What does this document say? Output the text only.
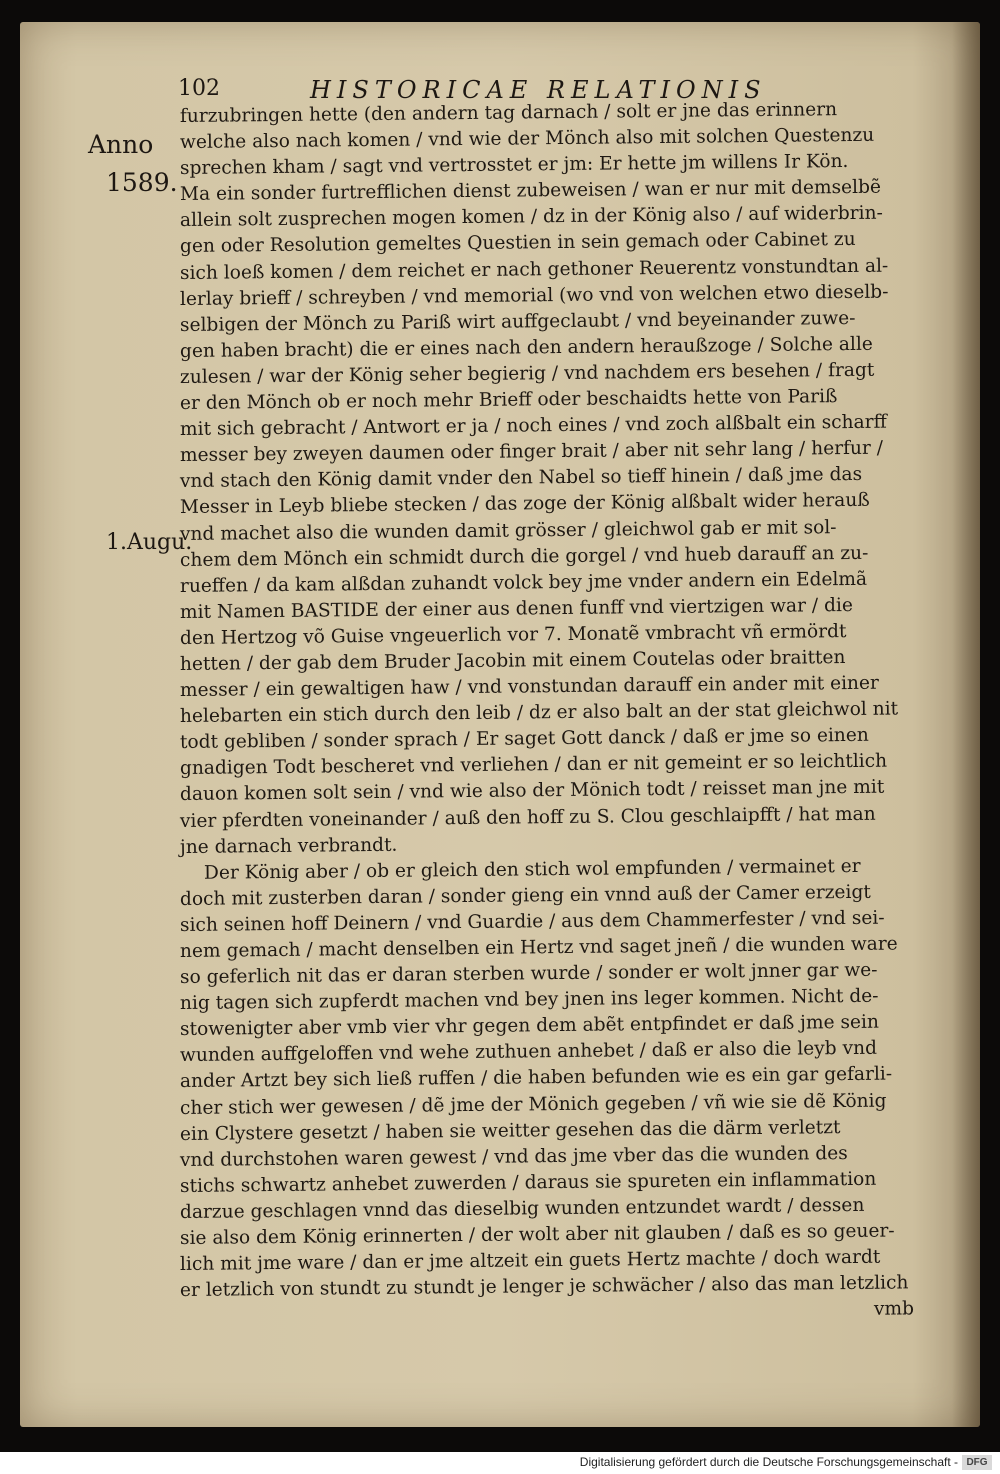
102	HISTORICAE RELATIONIS
Anno
1589.
1.Augu.
furzubringen hette (den andern tag darnach / solt er jne das erinnern
welche also nach komen / vnd wie der Mönch also mit solchen Questenzu
sprechen kham / sagt vnd vertrosstet er jm: Er hette jm willens Ir Kön.
Ma ein sonder furtrefflichen dienst zubeweisen / wan er nur mit demselbẽ
allein solt zusprechen mogen komen / dz in der König also / auf widerbrin-
gen oder Resolution gemeltes Questien in sein gemach oder Cabinet zu
sich loeß komen / dem reichet er nach gethoner Reuerentz vonstundtan al-
lerlay brieff / schreyben / vnd memorial (wo vnd von welchen etwo dieselb-
selbigen der Mönch zu Pariß wirt auffgeclaubt / vnd beyeinander zuwe-
gen haben bracht) die er eines nach den andern heraußzoge / Solche alle
zulesen / war der König seher begierig / vnd nachdem ers besehen / fragt
er den Mönch ob er noch mehr Brieff oder beschaidts hette von Pariß
mit sich gebracht / Antwort er ja / noch eines / vnd zoch alßbalt ein scharff
messer bey zweyen daumen oder finger brait / aber nit sehr lang / herfur /
vnd stach den König damit vnder den Nabel so tieff hinein / daß jme das
Messer in Leyb bliebe stecken / das zoge der König alßbalt wider herauß
vnd machet also die wunden damit grösser / gleichwol gab er mit sol-
chem dem Mönch ein schmidt durch die gorgel / vnd hueb darauff an zu-
rueffen / da kam alßdan zuhandt volck bey jme vnder andern ein Edelmã
mit Namen BASTIDE der einer aus denen funff vnd viertzigen war / die
den Hertzog võ Guise vngeuerlich vor 7. Monatẽ vmbracht vñ ermördt
hetten / der gab dem Bruder Jacobin mit einem Coutelas oder braitten
messer / ein gewaltigen haw / vnd vonstundan darauff ein ander mit einer
helebarten ein stich durch den leib / dz er also balt an der stat gleichwol nit
todt gebliben / sonder sprach / Er saget Gott danck / daß er jme so einen
gnadigen Todt bescheret vnd verliehen / dan er nit gemeint er so leichtlich
dauon komen solt sein / vnd wie also der Mönich todt / reisset man jne mit
vier pferdten voneinander / auß den hoff zu S. Clou geschlaipfft / hat man
jne darnach verbrandt.
Der König aber / ob er gleich den stich wol empfunden / vermainet er
doch mit zusterben daran / sonder gieng ein vnnd auß der Camer erzeigt
sich seinen hoff Deinern / vnd Guardie / aus dem Chammerfester / vnd sei-
nem gemach / macht denselben ein Hertz vnd saget jneñ / die wunden ware
so geferlich nit das er daran sterben wurde / sonder er wolt jnner gar we-
nig tagen sich zupferdt machen vnd bey jnen ins leger kommen. Nicht de-
stowenigter aber vmb vier vhr gegen dem abẽt entpfindet er daß jme sein
wunden auffgeloffen vnd wehe zuthuen anhebet / daß er also die leyb vnd
ander Artzt bey sich ließ ruffen / die haben befunden wie es ein gar gefarli-
cher stich wer gewesen / dẽ jme der Mönich gegeben / vñ wie sie dẽ König
ein Clystere gesetzt / haben sie weitter gesehen das die därm verletzt
vnd durchstohen waren gewest / vnd das jme vber das die wunden des
stichs schwartz anhebet zuwerden / daraus sie spureten ein inflammation
darzue geschlagen vnnd das dieselbig wunden entzundet wardt / dessen
sie also dem König erinnerten / der wolt aber nit glauben / daß es so geuer-
lich mit jme ware / dan er jme altzeit ein guets Hertz machte / doch wardt
er letzlich von stundt zu stundt je lenger je schwächer / also das man letzlich
vmb
Digitalisierung gefördert durch die Deutsche Forschungsgemeinschaft - DFG
